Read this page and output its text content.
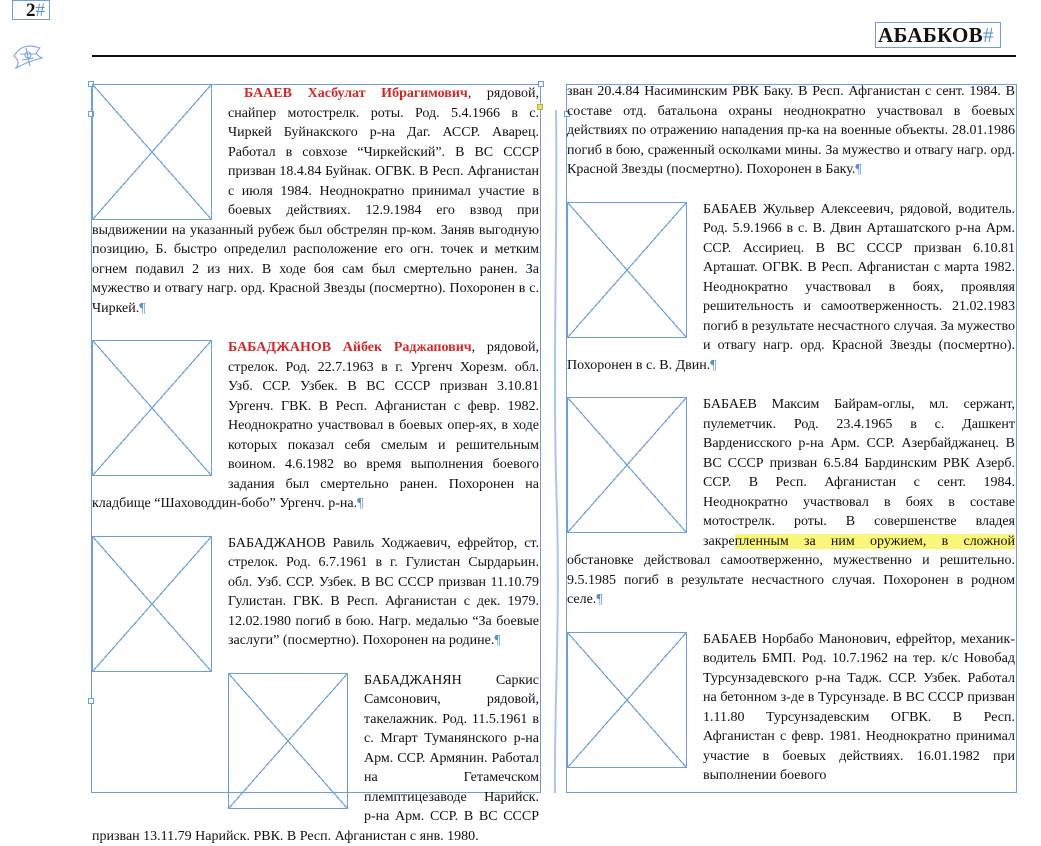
2#
АБАБКОВ#
БААЕВ Хасбулат Ибрагимович, рядовой, снайпер мотострелк. роты. Род. 5.4.1966 в с. Чиркей Буйнакского р-на Даг. АССР. Аварец. Работал в совхозе “Чиркейский”. В ВС СССР призван 18.4.84 Буйнак. ОГВК. В Респ. Афганистан с июля 1984. Неоднократно принимал участие в боевых действиях. 12.9.1984 его взвод при выдвижении на указанный рубеж был обстрелян пр-ком. Заняв выгодную позицию, Б. быстро определил расположение его огн. точек и метким огнем подавил 2 из них. В ходе боя сам был смертельно ранен. За мужество и отвагу нагр. орд. Красной Звезды (посмертно). Похоронен в с. Чиркей.¶
БАБАДЖАНОВ Айбек Раджапович, рядовой, стрелок. Род. 22.7.1963 в г. Ургенч Хорезм. обл. Узб. ССР. Узбек. В ВС СССР призван 3.10.81 Ургенч. ГВК. В Респ. Афганистан с февр. 1982. Неоднократно участвовал в боевых опер-ях, в ходе которых показал себя смелым и решительным воином. 4.6.1982 во время выполнения боевого задания был смертельно ранен. Похоронен на кладбище “Шаховоддин-бобо” Ургенч. р-на.¶
БАБАДЖАНОВ Равиль Ходжаевич, ефрейтор, ст. стрелок. Род. 6.7.1961 в г. Гулистан Сырдарьин. обл. Узб. ССР. Узбек. В ВС СССР призван 11.10.79 Гулистан. ГВК. В Респ. Афганистан с дек. 1979. 12.02.1980 погиб в бою. Нагр. медалью “За боевые заслуги” (посмертно). Похоронен на родине.¶
БАБАДЖАНЯН Саркис Самсонович, рядовой, такелажник. Род. 11.5.1961 в с. Мгарт Туманянского р-на Арм. ССР. Армянин. Работал на Гетамечском племптицезаводе Нарийск. р-на Арм. ССР. В ВС СССР призван 13.11.79 Нарийск. РВК. В Респ. Афганистан с янв. 1980.
зван 20.4.84 Насиминским РВК Баку. В Респ. Афганистан с сент. 1984. В составе отд. батальона охраны неоднократно участвовал в боевых действиях по отражению нападения пр-ка на военные объекты. 28.01.1986 погиб в бою, сраженный осколками мины. За мужество и отвагу нагр. орд. Красной Звезды (посмертно). Похоронен в Баку.¶
БАБАЕВ Жульвер Алексеевич, рядовой, водитель. Род. 5.9.1966 в с. В. Двин Арташатского р-на Арм. ССР. Ассириец. В ВС СССР призван 6.10.81 Арташат. ОГВК. В Респ. Афганистан с марта 1982. Неоднократно участвовал в боях, проявляя решительность и самоотверженность. 21.02.1983 погиб в результате несчастного случая. За мужество и отвагу нагр. орд. Красной Звезды (посмертно). Похоронен в с. В. Двин.¶
БАБАЕВ Максим Байрам-оглы, мл. сержант, пулеметчик. Род. 23.4.1965 в с. Дашкент Варденисского р-на Арм. ССР. Азербайджанец. В ВС СССР призван 6.5.84 Бардинским РВК Азерб. ССР. В Респ. Афганистан с сент. 1984. Неоднократно участвовал в боях в составе мотострелк. роты. В совершенстве владея закрепленным за ним оружием, в сложной обстановке действовал самоотверженно, мужественно и решительно. 9.5.1985 погиб в результате несчастного случая. Похоронен в родном селе.¶
БАБАЕВ Норбабо Манонович, ефрейтор, механик-водитель БМП. Род. 10.7.1962 на тер. к/с Новобад Турсунзадевского р-на Тадж. ССР. Узбек. Работал на бетонном з-де в Турсунзаде. В ВС СССР призван 1.11.80 Турсунзадевским ОГВК. В Респ. Афганистан с февр. 1981. Неоднократно принимал участие в боевых действиях. 16.01.1982 при выполнении боевого
